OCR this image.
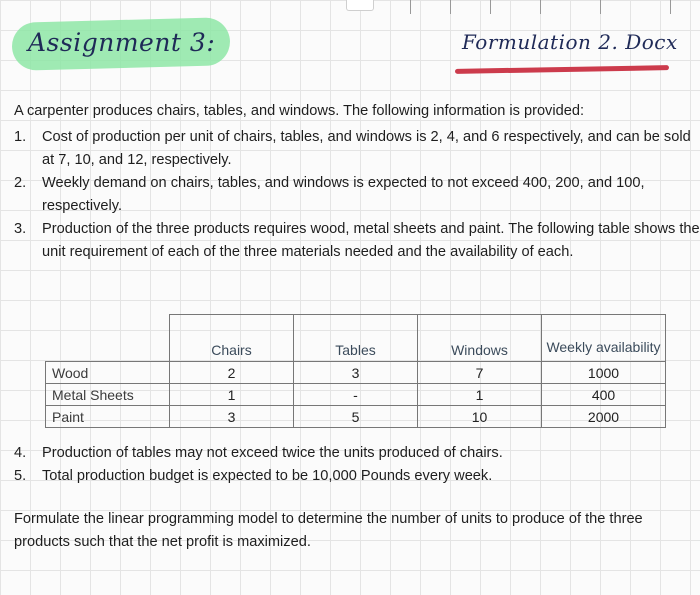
Assignment 3:	Formulation 2. Docx

A carpenter produces chairs, tables, and windows. The following information is provided:

1. Cost of production per unit of chairs, tables, and windows is 2, 4, and 6 respectively, and can be sold at 7, 10, and 12, respectively.
2. Weekly demand on chairs, tables, and windows is expected to not exceed 400, 200, and 100, respectively.
3. Production of the three products requires wood, metal sheets and paint. The following table shows the unit requirement of each of the three materials needed and the availability of each.
	Chairs	Tables	Windows	Weekly availability
Wood	2	3	7	1000
Metal Sheets	1	-	1	400
Paint	3	5	10	2000
4. Production of tables may not exceed twice the units produced of chairs.
5. Total production budget is expected to be 10,000 Pounds every week.
Formulate the linear programming model to determine the number of units to produce of the three products such that the net profit is maximized.
